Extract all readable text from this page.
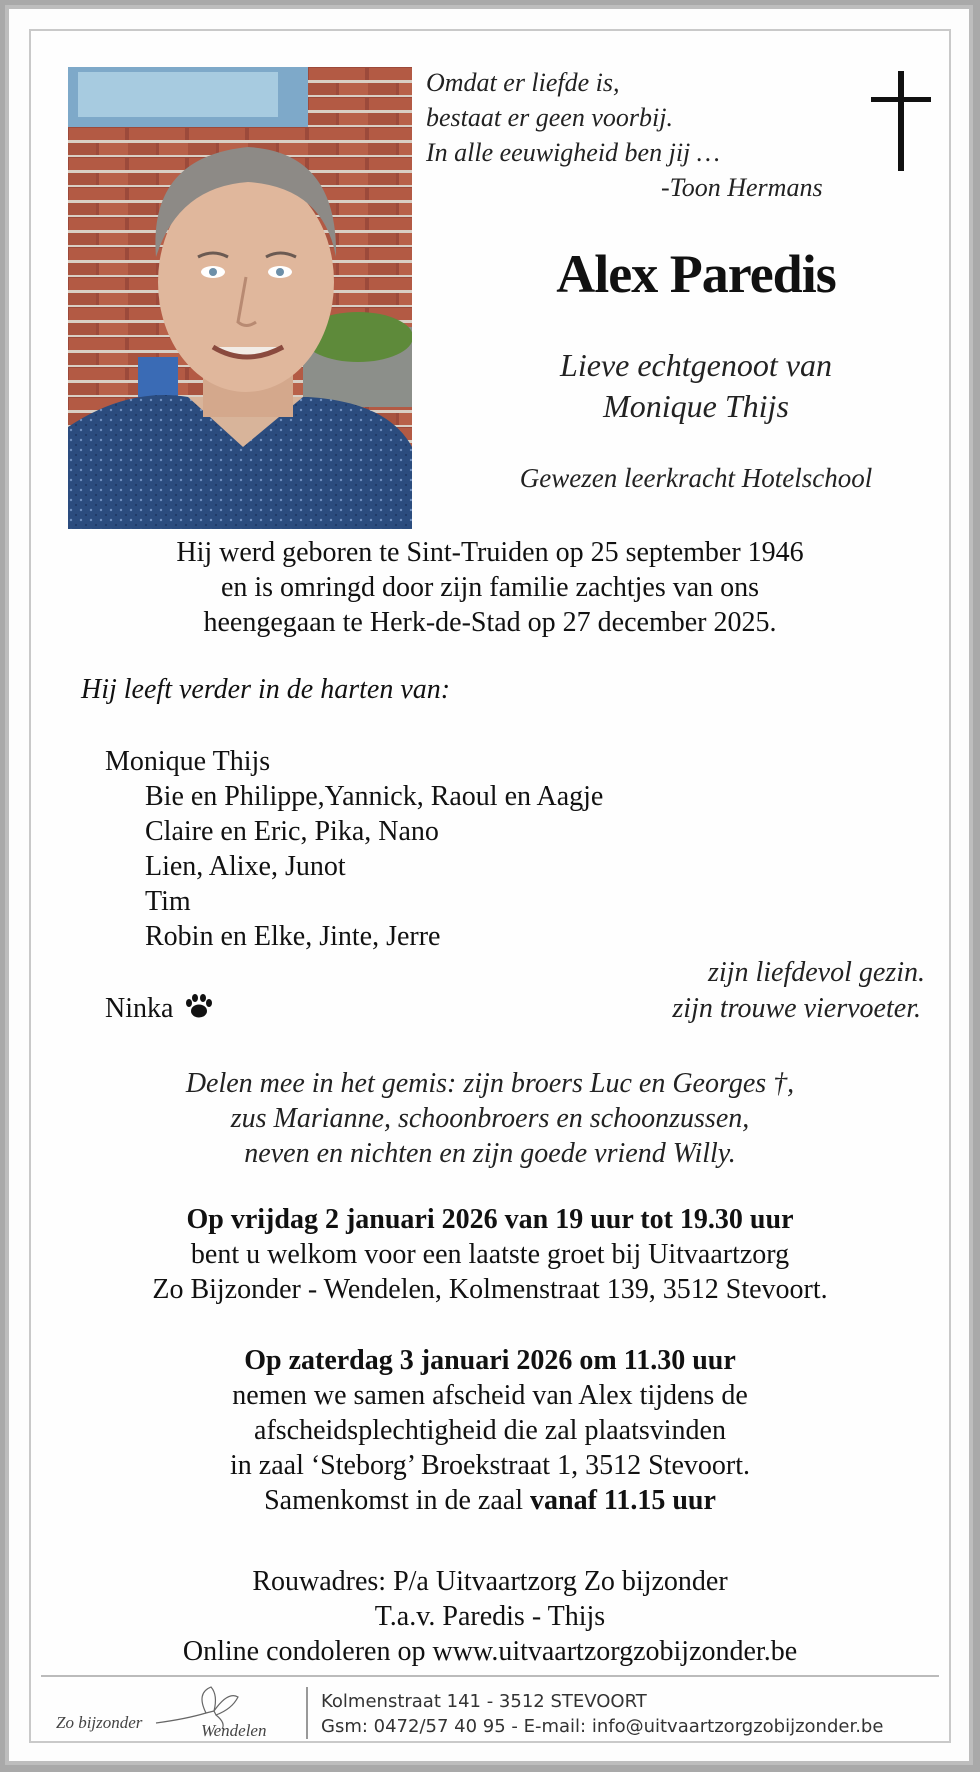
Omdat er liefde is,
bestaat er geen voorbij.
In alle eeuwigheid ben jij …
-Toon Hermans
Alex Paredis
Lieve echtgenoot van
Monique Thijs
Gewezen leerkracht Hotelschool
Hij werd geboren te Sint-Truiden op 25 september 1946
en is omringd door zijn familie zachtjes van ons
heengegaan te Herk-de-Stad op 27 december 2025.
Hij leeft verder in de harten van:
Monique Thijs
Bie en Philippe,Yannick, Raoul en Aagje
Claire en Eric, Pika, Nano
Lien, Alixe, Junot
Tim
Robin en Elke, Jinte, Jerre
zijn liefdevol gezin.
Ninka	zijn trouwe viervoeter.
Delen mee in het gemis: zijn broers Luc en Georges †,
zus Marianne, schoonbroers en schoonzussen,
neven en nichten en zijn goede vriend Willy.
Op vrijdag 2 januari 2026 van 19 uur tot 19.30 uur
bent u welkom voor een laatste groet bij Uitvaartzorg
Zo Bijzonder - Wendelen, Kolmenstraat 139, 3512 Stevoort.
Op zaterdag 3 januari 2026 om 11.30 uur
nemen we samen afscheid van Alex tijdens de
afscheidsplechtigheid die zal plaatsvinden
in zaal ‘Steborg’ Broekstraat 1, 3512 Stevoort.
Samenkomst in de zaal vanaf 11.15 uur
Rouwadres: P/a Uitvaartzorg Zo bijzonder
T.a.v. Paredis - Thijs
Online condoleren op www.uitvaartzorgzobijzonder.be
Zo bijzonder	Wendelen
Kolmenstraat 141 - 3512 STEVOORT
Gsm: 0472/57 40 95 - E-mail: info@uitvaartzorgzobijzonder.be
